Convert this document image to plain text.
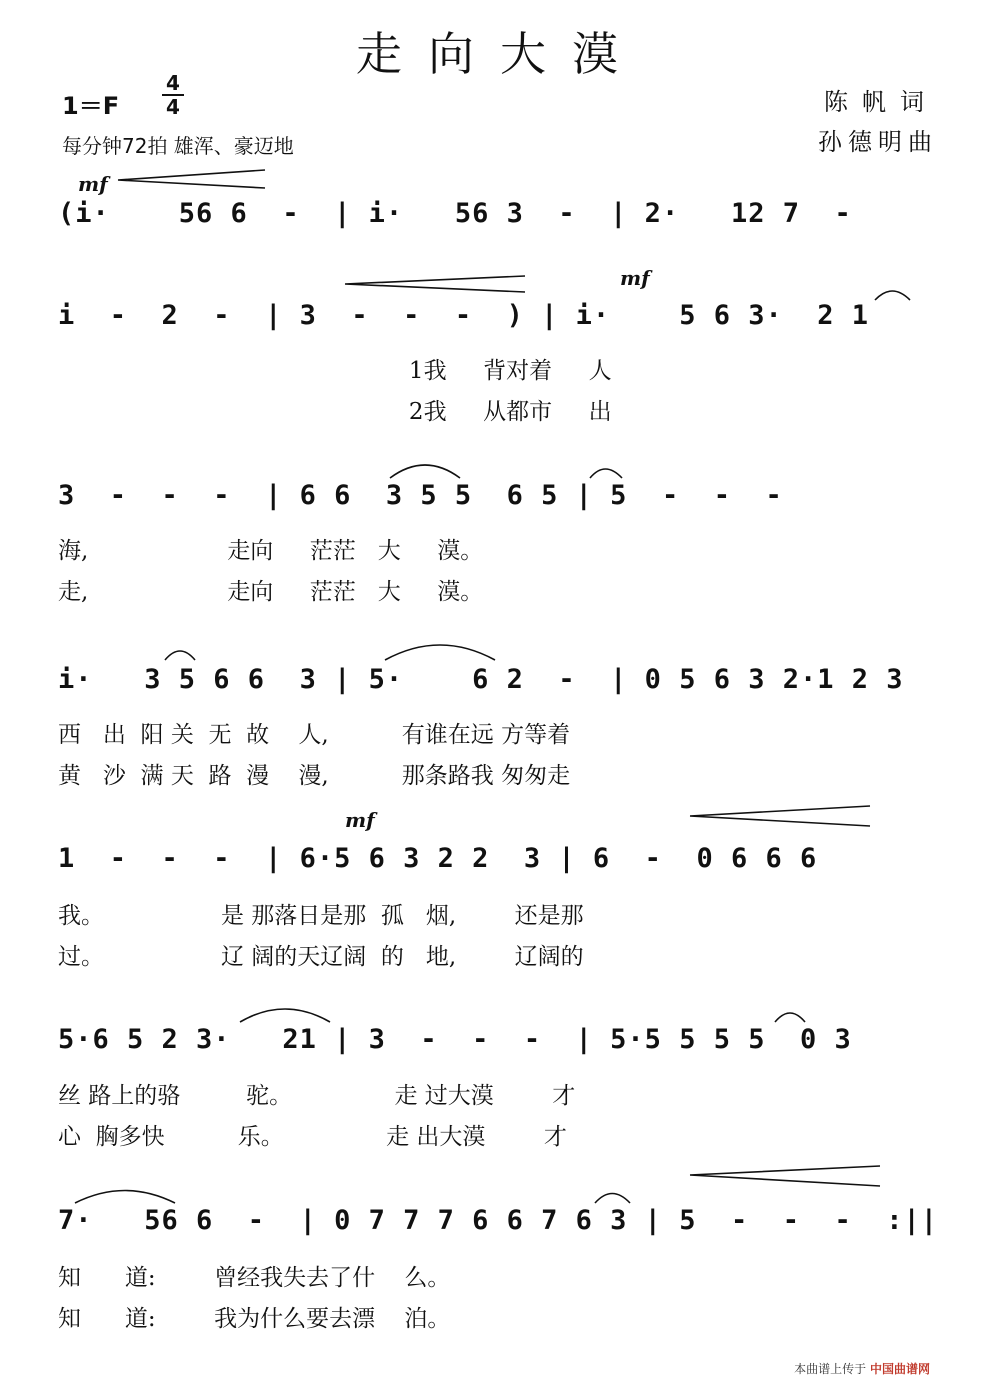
走向大漠
1＝F
4
4
每分钟72拍 雄浑、豪迈地
陈帆词
孙德明曲
(i·    56 6  -  | i·   56 3  -  | 2·   12 7  -
mf
i  -  2  -  | 3  -  -  -  ) | i·    5 6 3·  2 1
mf
1我     背对着     人
2我     从都市     出
3  -  -  -  | 6 6  3 5 5  6 5 | 5  -  -  -
海,                   走向     茫茫   大     漠。
走,                   走向     茫茫   大     漠。
i·   3 5 6 6  3 | 5·    6 2  -  | 0 5 6 3 2·1 2 3
西   出  阳 关  无  故    人,          有谁在远 方等着
黄   沙  满 天  路  漫    漫,          那条路我 匆匆走
1  -  -  -  | 6·5 6 3 2 2  3 | 6  -  0 6 6 6
mf
我。                是 那落日是那  孤   烟,        还是那
过。                辽 阔的天辽阔  的   地,        辽阔的
5·6 5 2 3·   21 | 3  -  -  -  | 5·5 5 5 5  0 3
丝 路上的骆         驼。              走 过大漠        才
心  胸多快          乐。              走 出大漠        才
7·   56 6  -  | 0 7 7 7 6 6 7 6 3 | 5  -  -  -  :||
知      道:        曾经我失去了什    么。
知      道:        我为什么要去漂    泊。
本曲谱上传于 中国曲谱网
